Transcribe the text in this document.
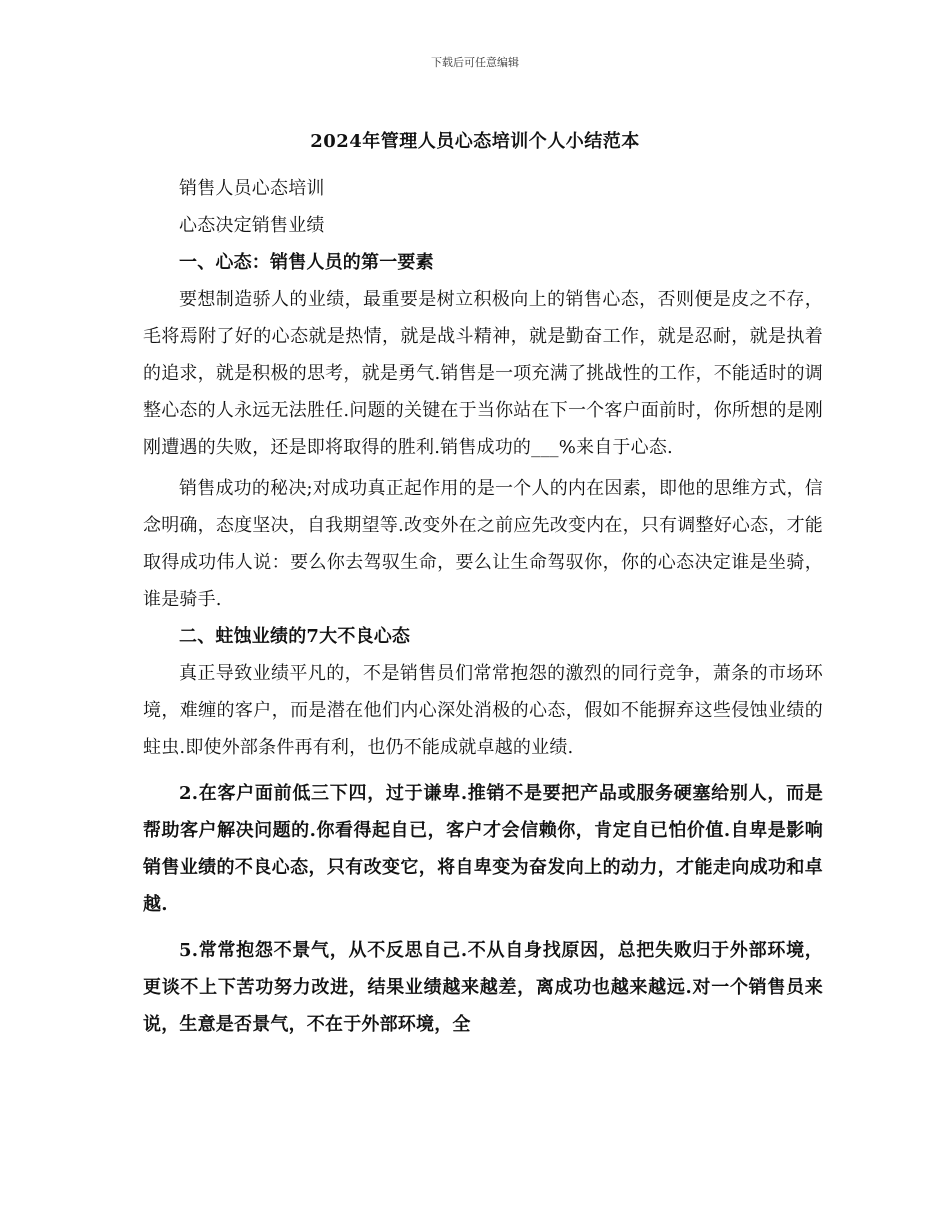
下载后可任意编辑
2024年管理人员心态培训个人小结范本

销售人员心态培训

心态决定销售业绩

一、心态：销售人员的第一要素

要想制造骄人的业绩，最重要是树立积极向上的销售心态，否则便是皮之不存，毛将焉附了好的心态就是热情，就是战斗精神，就是勤奋工作，就是忍耐，就是执着的追求，就是积极的思考，就是勇气.销售是一项充满了挑战性的工作，不能适时的调整心态的人永远无法胜任.问题的关键在于当你站在下一个客户面前时，你所想的是刚刚遭遇的失败，还是即将取得的胜利.销售成功的___%来自于心态.

销售成功的秘决;对成功真正起作用的是一个人的内在因素，即他的思维方式，信念明确，态度坚决，自我期望等.改变外在之前应先改变内在，只有调整好心态，才能取得成功伟人说：要么你去驾驭生命，要么让生命驾驭你，你的心态决定谁是坐骑，谁是骑手.

二、蛀蚀业绩的7大不良心态

真正导致业绩平凡的，不是销售员们常常抱怨的激烈的同行竞争，萧条的市场环境，难缠的客户，而是潜在他们内心深处消极的心态，假如不能摒弃这些侵蚀业绩的蛀虫.即使外部条件再有利，也仍不能成就卓越的业绩.

2.在客户面前低三下四，过于谦卑.推销不是要把产品或服务硬塞给别人，而是帮助客户解决问题的.你看得起自已，客户才会信赖你，肯定自已怕价值.自卑是影响销售业绩的不良心态，只有改变它，将自卑变为奋发向上的动力，才能走向成功和卓越.

5.常常抱怨不景气，从不反思自己.不从自身找原因，总把失败归于外部环境，更谈不上下苦功努力改进，结果业绩越来越差，离成功也越来越远.对一个销售员来说，生意是否景气，不在于外部环境，全
